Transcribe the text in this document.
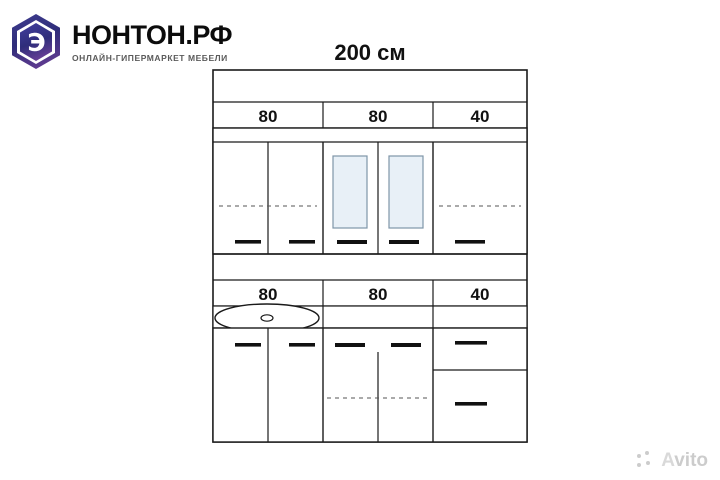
Э	НОНТОН.РФ
ОНЛАЙН-ГИПЕРМАРКЕТ МЕБЕЛИ	200 см
80	80	40
80	80	40
Avito
